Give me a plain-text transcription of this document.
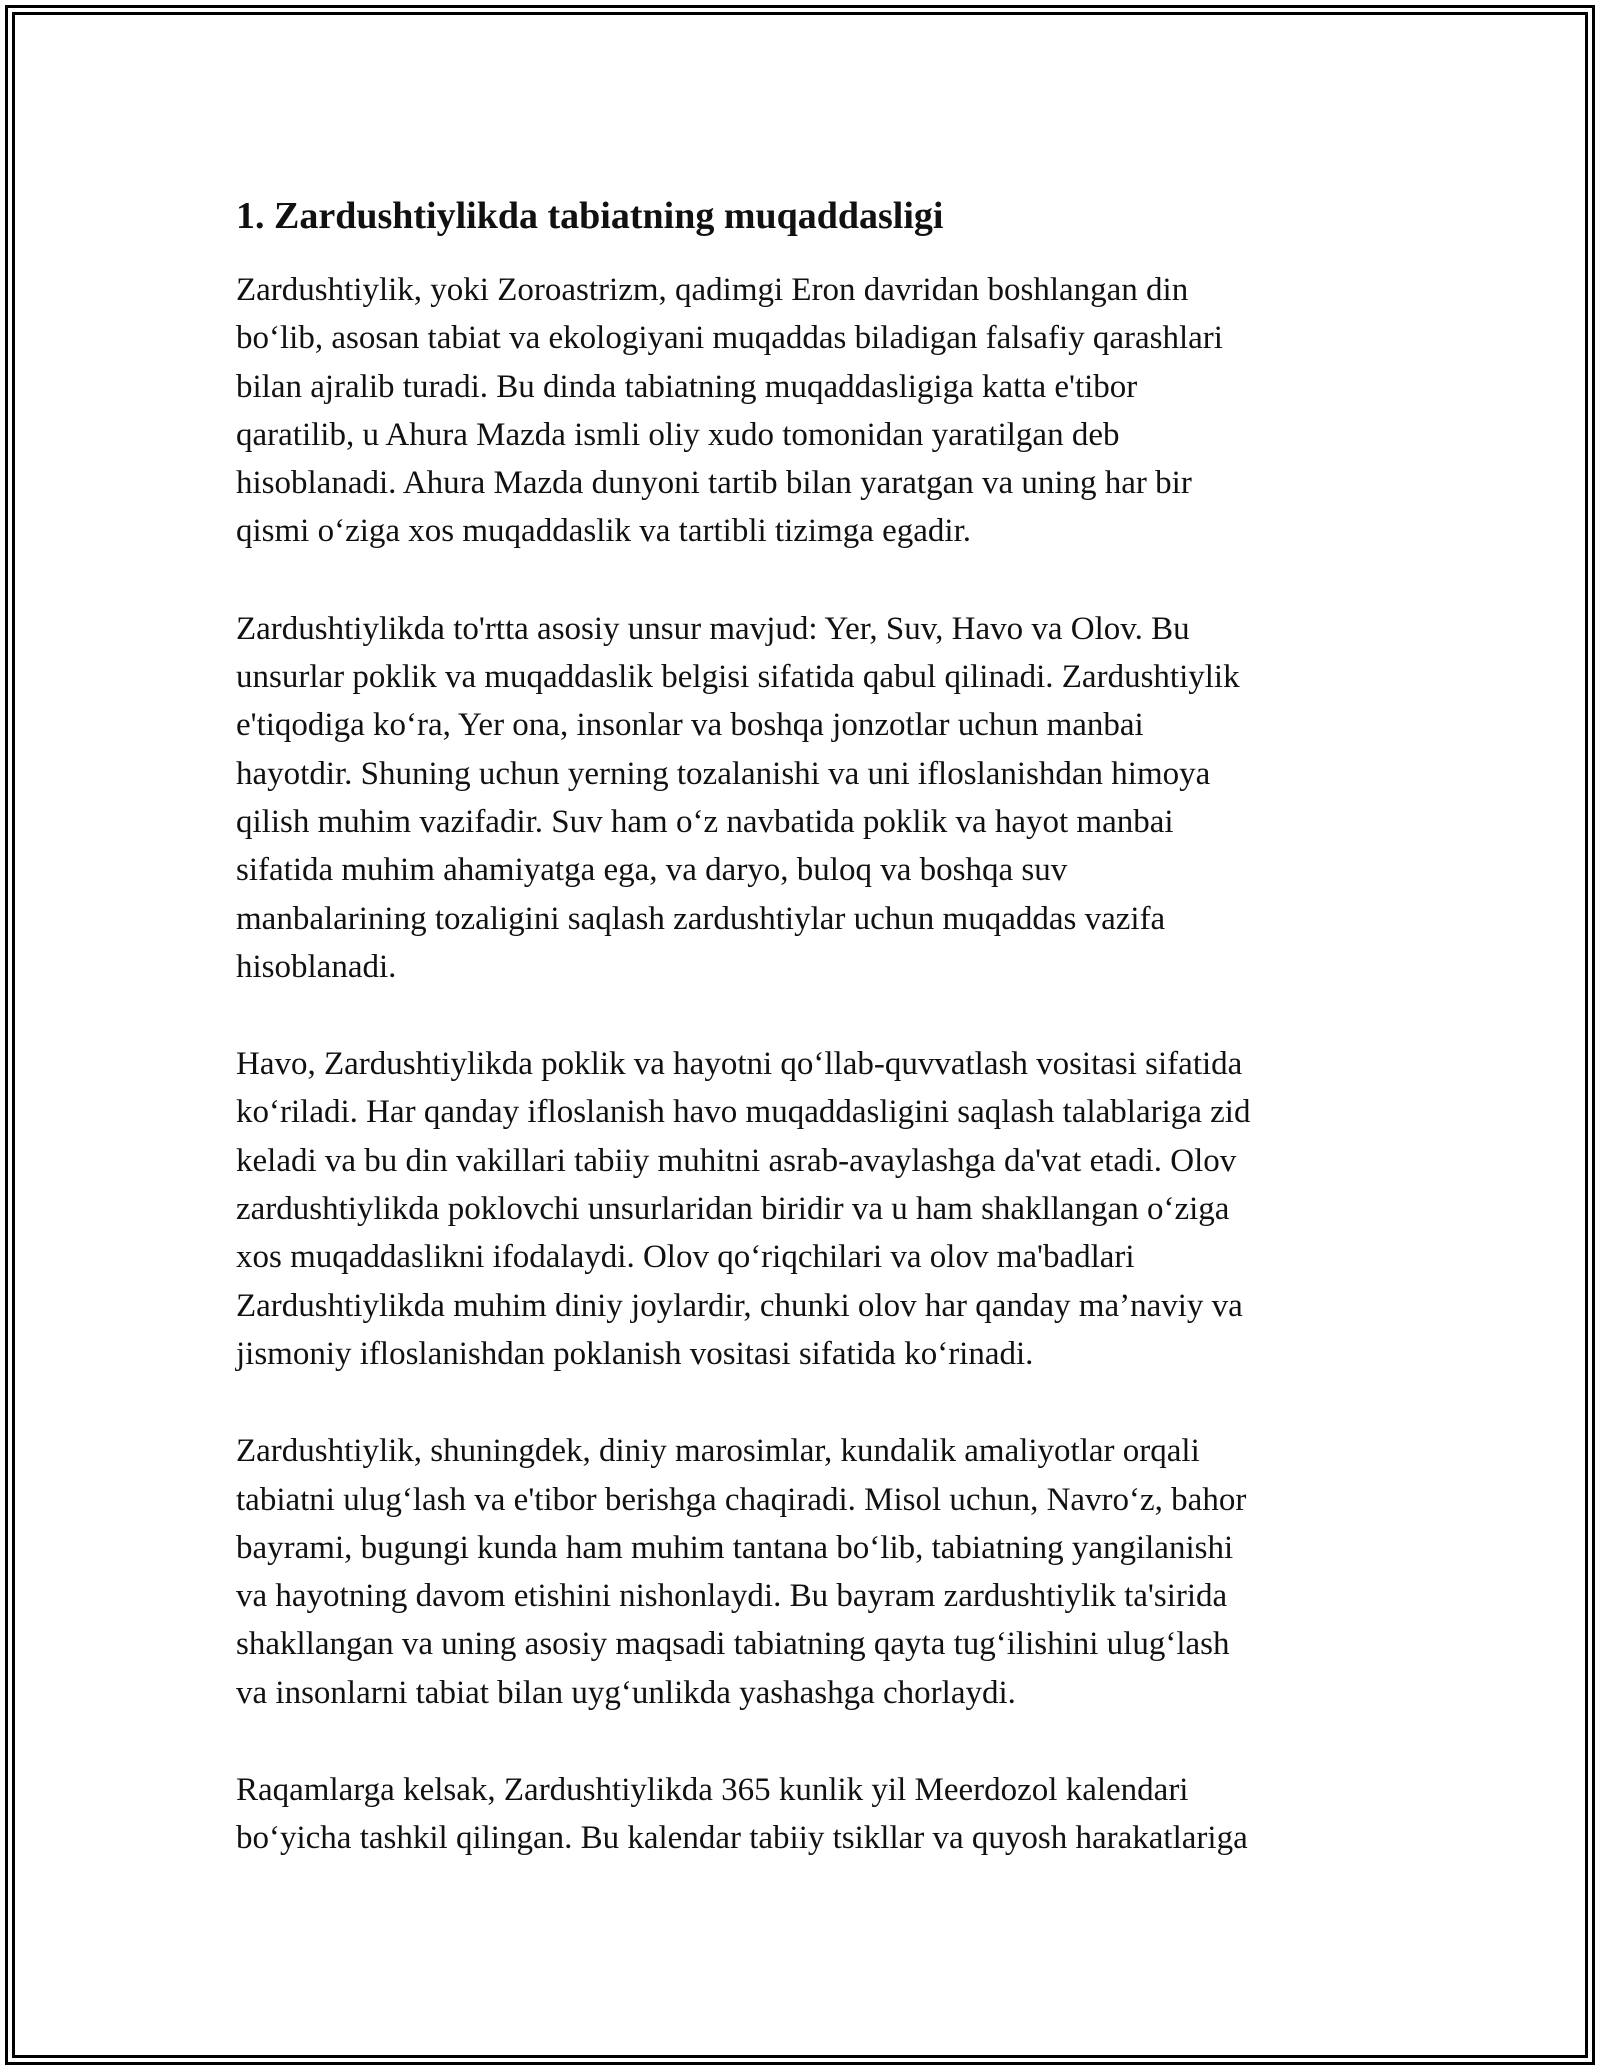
1. Zardushtiylikda tabiatning muqaddasligi
Zardushtiylik, yoki Zoroastrizm, qadimgi Eron davridan boshlangan din
bo‘lib, asosan tabiat va ekologiyani muqaddas biladigan falsafiy qarashlari
bilan ajralib turadi. Bu dinda tabiatning muqaddasligiga katta e'tibor
qaratilib, u Ahura Mazda ismli oliy xudo tomonidan yaratilgan deb
hisoblanadi. Ahura Mazda dunyoni tartib bilan yaratgan va uning har bir
qismi o‘ziga xos muqaddaslik va tartibli tizimga egadir.
Zardushtiylikda to'rtta asosiy unsur mavjud: Yer, Suv, Havo va Olov. Bu
unsurlar poklik va muqaddaslik belgisi sifatida qabul qilinadi. Zardushtiylik
e'tiqodiga ko‘ra, Yer ona, insonlar va boshqa jonzotlar uchun manbai
hayotdir. Shuning uchun yerning tozalanishi va uni ifloslanishdan himoya
qilish muhim vazifadir. Suv ham o‘z navbatida poklik va hayot manbai
sifatida muhim ahamiyatga ega, va daryo, buloq va boshqa suv
manbalarining tozaligini saqlash zardushtiylar uchun muqaddas vazifa
hisoblanadi.
Havo, Zardushtiylikda poklik va hayotni qo‘llab-quvvatlash vositasi sifatida
ko‘riladi. Har qanday ifloslanish havo muqaddasligini saqlash talablariga zid
keladi va bu din vakillari tabiiy muhitni asrab-avaylashga da'vat etadi. Olov
zardushtiylikda poklovchi unsurlaridan biridir va u ham shakllangan o‘ziga
xos muqaddaslikni ifodalaydi. Olov qo‘riqchilari va olov ma'badlari
Zardushtiylikda muhim diniy joylardir, chunki olov har qanday ma’naviy va
jismoniy ifloslanishdan poklanish vositasi sifatida ko‘rinadi.
Zardushtiylik, shuningdek, diniy marosimlar, kundalik amaliyotlar orqali
tabiatni ulug‘lash va e'tibor berishga chaqiradi. Misol uchun, Navro‘z, bahor
bayrami, bugungi kunda ham muhim tantana bo‘lib, tabiatning yangilanishi
va hayotning davom etishini nishonlaydi. Bu bayram zardushtiylik ta'sirida
shakllangan va uning asosiy maqsadi tabiatning qayta tug‘ilishini ulug‘lash
va insonlarni tabiat bilan uyg‘unlikda yashashga chorlaydi.
Raqamlarga kelsak, Zardushtiylikda 365 kunlik yil Meerdozol kalendari
bo‘yicha tashkil qilingan. Bu kalendar tabiiy tsikllar va quyosh harakatlariga
